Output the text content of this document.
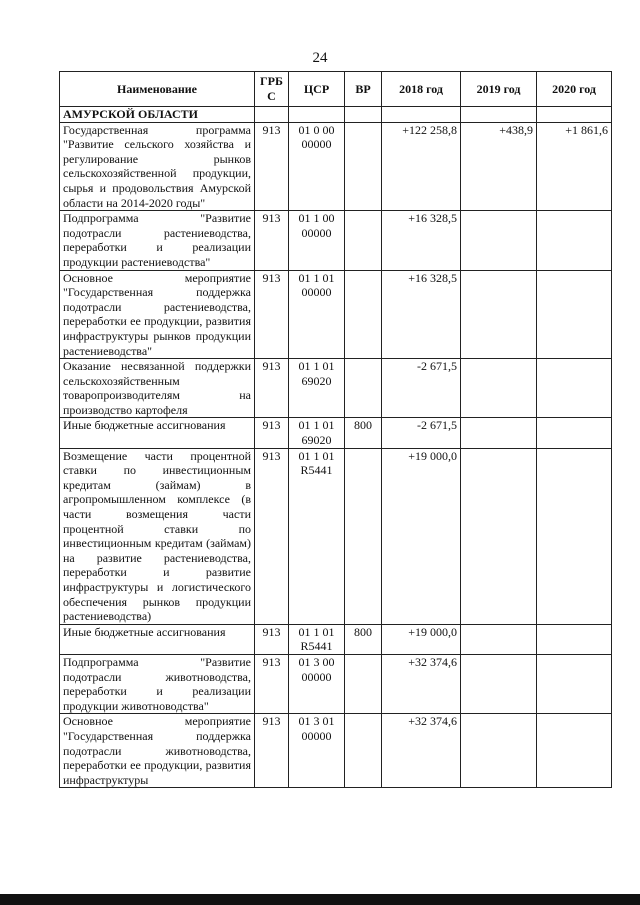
24
Наименование	ГРБ С	ЦСР	ВР	2018 год	2019 год	2020 год
АМУРСКОЙ ОБЛАСТИ						
Государственная программа "Развитие сельского хозяйства и регулирование рынков сельскохозяйственной продукции, сырья и продовольствия Амурской области на 2014-2020 годы"	913	01 0 00 00000		+122 258,8	+438,9	+1 861,6
Подпрограмма "Развитие подотрасли растениеводства, переработки и реализации продукции растениеводства"	913	01 1 00 00000		+16 328,5		
Основное мероприятие "Государственная поддержка подотрасли растениеводства, переработки ее продукции, развития инфраструктуры рынков продукции растениеводства"	913	01 1 01 00000		+16 328,5		
Оказание несвязанной поддержки сельскохозяйственным товаропроизводителям на производство картофеля	913	01 1 01 69020		-2 671,5		
Иные бюджетные ассигнования	913	01 1 01 69020	800	-2 671,5		
Возмещение части процентной ставки по инвестиционным кредитам (займам) в агропромышленном комплексе (в части возмещения части процентной ставки по инвестиционным кредитам (займам) на развитие растениеводства, переработки и развитие инфраструктуры и логистического обеспечения рынков продукции растениеводства)	913	01 1 01 R5441		+19 000,0		
Иные бюджетные ассигнования	913	01 1 01 R5441	800	+19 000,0		
Подпрограмма "Развитие подотрасли животноводства, переработки и реализации продукции животноводства"	913	01 3 00 00000		+32 374,6		
Основное мероприятие "Государственная поддержка подотрасли животноводства, переработки ее продукции, развития инфраструктуры	913	01 3 01 00000		+32 374,6		
